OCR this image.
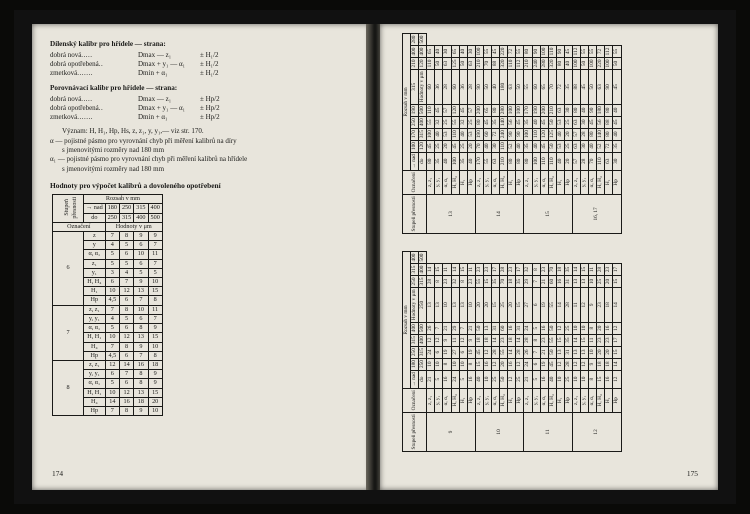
Dílenský kalibr pro hřídele — strana:
dobrá nová.....	Dmax — z₁	± H₁/2
dobrá opotřebená..	Dmax + y₁ — α₁	± H₁/2
zmetková.......	Dmin + α₁	± H₁/2
Porovnávací kalibr pro hřídele — strana:
dobrá nová.....	Dmax — z₁	± Hp/2
dobrá opotřebená..	Dmax + y₁ — α₁	± Hp/2
zmetková.......	Dmin + α₁	± Hp/2
Význam: H, H₁, Hp, Hs, z, z₁, y, y₁,— viz str. 170.
α — pojistné pásmo pro vyrovnání chyb při měření kalibrů na díry
s jmenovitými rozměry nad 180 mm
α₁ — pojistné pásmo pro vyrovnání chyb při měření kalibrů na hřídele
s jmenovitými rozměry nad 180 mm
Hodnoty pro výpočet kalibrů a dovoleného opotřebení
Stupeň přesnosti	Rozsah v mm				
	→ nad	180	250	315	400
	do	250	315	400	500
Označení		Hodnoty v μm			
6	z	7	8	9	9
	y	4	5	6	7
	α, α₁	5	6	10	11
	z₁	5	5	6	7
	y₁	3	4	5	5
	H, H₄	6	7	9	10
	H₁	10	12	13	15
	Hp	4,5	6	7	8
7	z, z₁	7	8	10	11
	y, y₁	4	5	6	7
	α, α₁	5	6	8	9
	H, H₁	10	12	13	15
	H₄	7	8	9	10
	Hp	4,5	6	7	8
8	z, z₁	12	14	16	18
	y, y₁	6	7	8	9
	α, α₁	5	6	8	9
	H, H₁	10	12	13	15
	H₄	14	16	18	20
	Hp	7	8	9	10
174
Stupeň přesnosti	Označení	Rozsah v mm								
		→ nad	100	170	250	190	315	210	400	280
		do	120	315	400	500	Hodnoty v μm	120	400	500
13	z, z₁	80	45	100	55	110	60	110	65	
	y, y₁	35	25	40	32	45	36	50	40	
	α, α₁	40	20	53	25	57	28	63	30	
	H, H₄	100	45	110	55	120	60	125	65	
	H₁	35	25	40	32	45	36	50	40	
	Hp	40	20	53	25	57	28	63	30	
14	z, z₁	170	70	190	80	200	90	210	100	
	y, y₁	55	40	60	45	65	50	70	55	
	α, α₁	63	30	72	35	80	40	88	45	
	H, H₄	210	110	240	140	280	180	320	220	
	H₁	80	52	90	56	100	63	110	72	
	Hp	80	40	90	45	100	50	112	55	
15	z, z₁	80	35	100	35	170	55	210	80	
	y, y₁	100	40	110	40	190	60	240	90	
	α, α₁	110	45	120	45	200	65	280	100	
	H, H₄	110	50	125	50	210	70	320	110	
	H₁	40	53	40	53	63	72	80	90	
	Hp	20	25	20	25	30	35	40	45	
16, 17	z, z₁	57	63	57	63	80	88	100	112	
	y, y₁	28	30	28	30	40	45	50	55	
	α, α₁	70	40	80	45	90	50	100	55	
	H, H₄	110	52	140	56	180	63	220	72	
	H₁	63	72	80	88	80	90	100	112	
	Hp	30	35	40	45	40	45	50	55	
Stupeň přesnosti	Označení	Rozsah v mm								
		→ nad	180	250	315	400	Hodnoty v μm	250	315	400
		do	250	315	400	500	250	315	400	500
9	z, z₁	21	10	24	12	26	13	28	14	
	y, y₁	5	10	6	12	7	13	8	15	
	α, α₁	16	8	19	9	21	10	23	11	
	H, H₄	24	10	27	11	29	13	32	14	
	H₁	5	10	6	12	7	13	8	15	
	Hp	16	8	19	9	21	10	23	11	
10	z, z₁	40	15	45	18	50	20	55	23	
	y, y₁	10	16	12	18	13	20	15	23	
	α, α₁	25	12	28	14	31	15	35	17	
	H, H₄	50	20	55	23	60	25	70	28	
	H₁	12	16	14	18	16	20	18	23	
	Hp	25	12	28	14	31	15	35	17	
11	z, z₁	21	24	26	28	24	27	29	32	
	y, y₁	5	6	7	8	5	6	7	8	
	α, α₁	16	19	21	23	16	19	21	23	
	H, H₄	40	45	50	55	50	55	60	70	
	H₁	10	12	13	15	12	14	16	18	
	Hp	25	28	31	35	25	28	31	35	
12	z, z₁	10	12	13	14	10	11	13	14	
	y, y₁	10	12	13	15	10	12	13	15	
	α, α₁	8	9	10	11	8	9	10	11	
	H, H₄	15	18	20	23	20	23	25	28	
	H₁	16	18	20	23	16	18	20	23	
	Hp	12	14	15	17	12	14	15	17	
175
